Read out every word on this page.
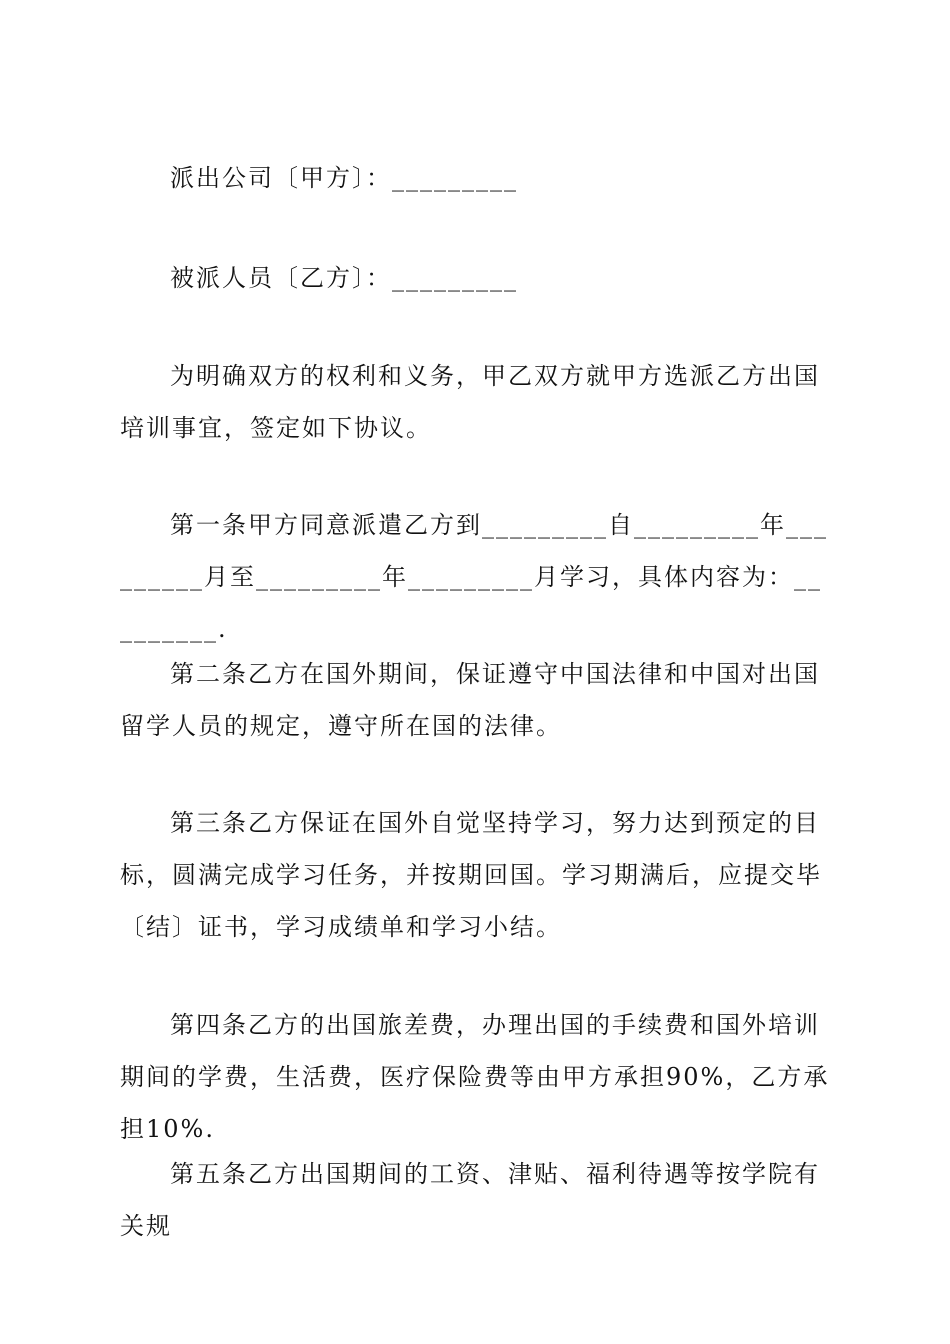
派出公司〔甲方〕：_________

被派人员〔乙方〕：_________

为明确双方的权利和义务，甲乙双方就甲方选派乙方出国培训事宜，签定如下协议。

第一条甲方同意派遣乙方到_________自_________年_________月至_________年_________月学习，具体内容为：_________.

第二条乙方在国外期间，保证遵守中国法律和中国对出国留学人员的规定，遵守所在国的法律。

第三条乙方保证在国外自觉坚持学习，努力达到预定的目标，圆满完成学习任务，并按期回国。学习期满后，应提交毕〔结〕证书，学习成绩单和学习小结。

第四条乙方的出国旅差费，办理出国的手续费和国外培训期间的学费，生活费，医疗保险费等由甲方承担90%，乙方承担10%.

第五条乙方出国期间的工资、津贴、福利待遇等按学院有关规
